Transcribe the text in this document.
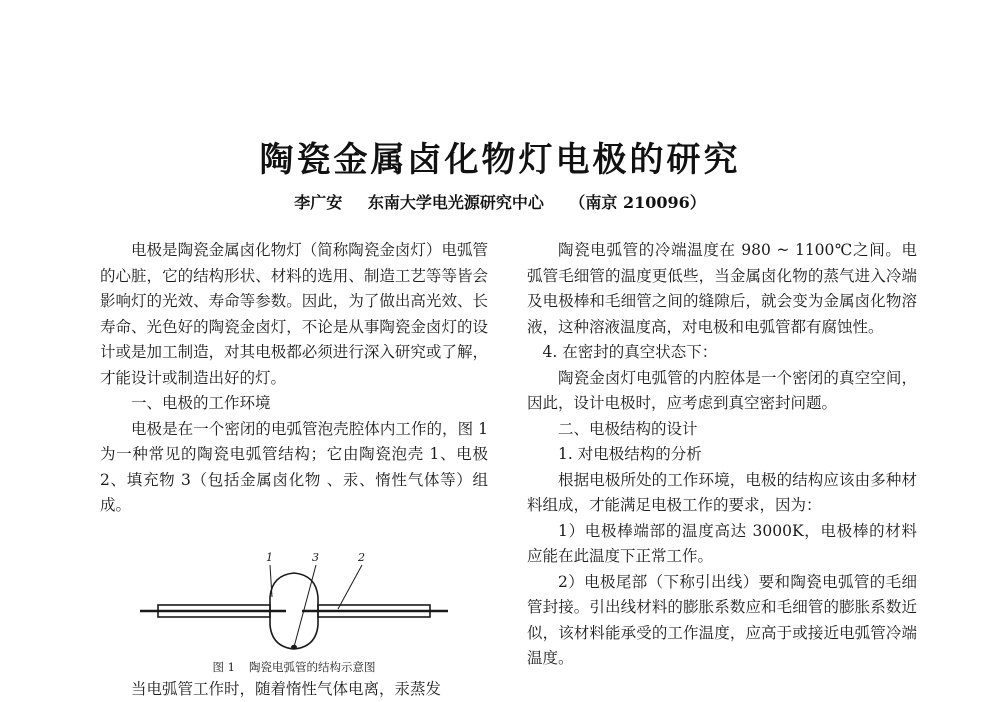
陶瓷金属卤化物灯电极的研究
李广安 东南大学电光源研究中心 （南京 210096）

电极是陶瓷金属卤化物灯（简称陶瓷金卤灯）电弧管的心脏，它的结构形状、材料的选用、制造工艺等等皆会影响灯的光效、寿命等参数。因此，为了做出高光效、长寿命、光色好的陶瓷金卤灯，不论是从事陶瓷金卤灯的设计或是加工制造，对其电极都必须进行深入研究或了解，才能设计或制造出好的灯。

一、电极的工作环境

电极是在一个密闭的电弧管泡壳腔体内工作的，图 1 为一种常见的陶瓷电弧管结构；它由陶瓷泡壳 1、电极 2、填充物 3（包括金属卤化物 、汞、惰性气体等）组成。

1	3	2
图 1 陶瓷电弧管的结构示意图

当电弧管工作时，随着惰性气体电离，汞蒸发

陶瓷电弧管的冷端温度在 980 ~ 1100℃之间。电弧管毛细管的温度更低些，当金属卤化物的蒸气进入冷端及电极棒和毛细管之间的缝隙后，就会变为金属卤化物溶液，这种溶液温度高，对电极和电弧管都有腐蚀性。

4. 在密封的真空状态下：

陶瓷金卤灯电弧管的内腔体是一个密闭的真空空间，因此，设计电极时，应考虑到真空密封问题。

二、电极结构的设计

1. 对电极结构的分析

根据电极所处的工作环境，电极的结构应该由多种材料组成，才能满足电极工作的要求，因为：

1）电极棒端部的温度高达 3000K，电极棒的材料应能在此温度下正常工作。

2）电极尾部（下称引出线）要和陶瓷电弧管的毛细管封接。引出线材料的膨胀系数应和毛细管的膨胀系数近似，该材料能承受的工作温度，应高于或接近电弧管冷端温度。
